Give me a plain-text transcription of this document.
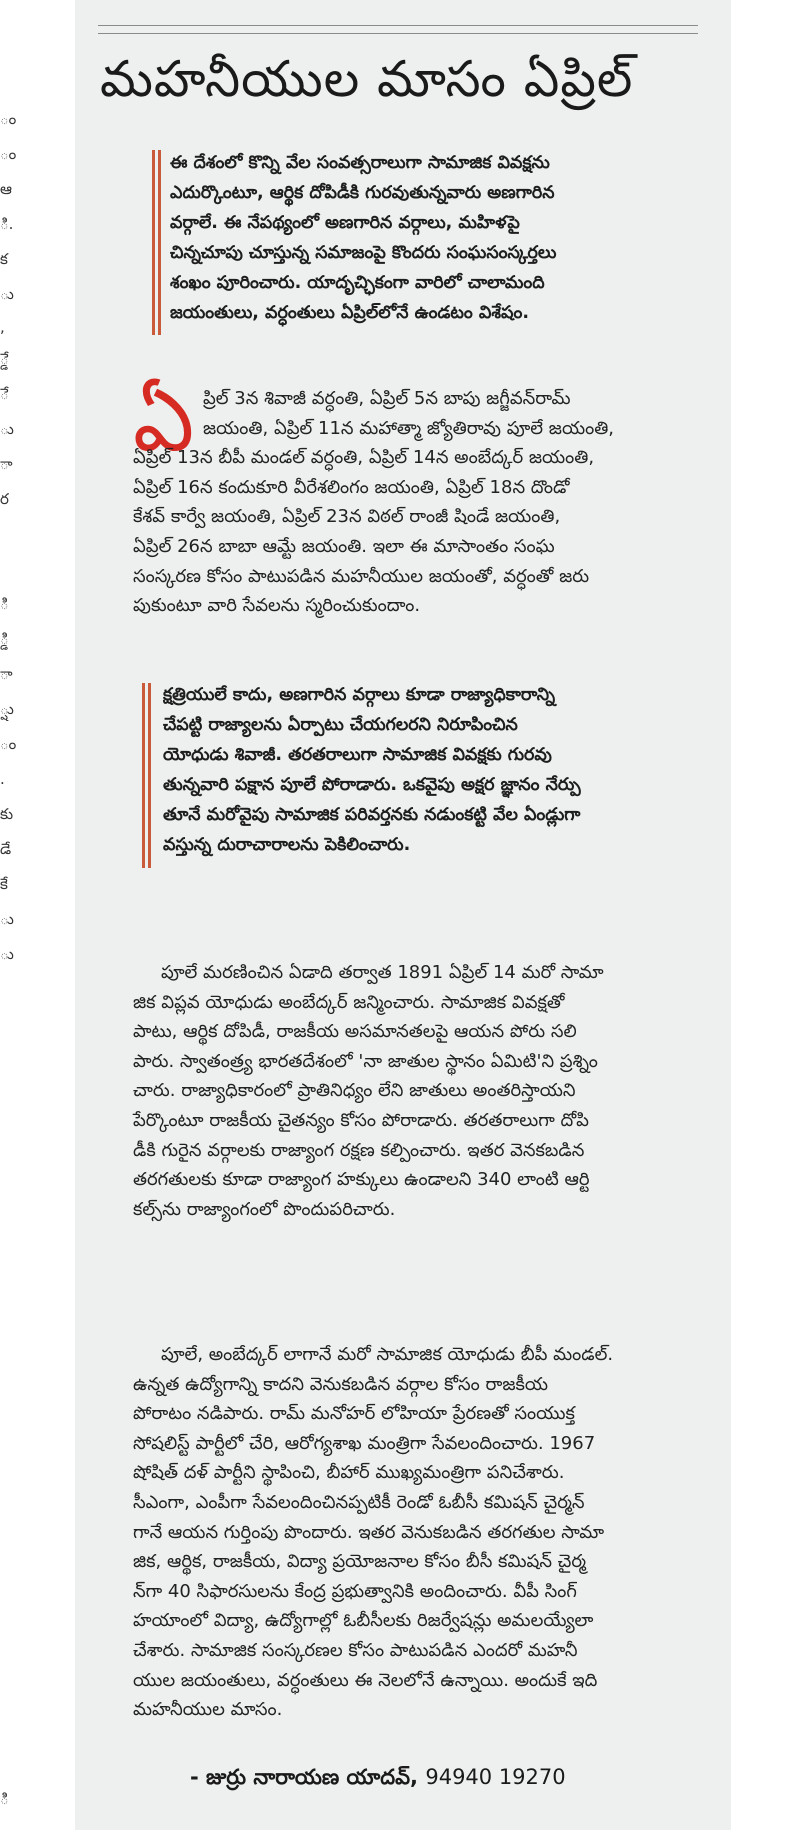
ం
ం
ఆ
ి.
క
ు
,
్డే
ే
ు
ా
ర
ి
్డి
ా
్షు
ం
.
కు
డే
కే
ు
ు
ి
మహనీయుల మాసం ఏప్రిల్

ఈ దేశంలో కొన్ని వేల సంవత్సరాలుగా సామాజిక వివక్షను

ఎదుర్కొంటూ, ఆర్థిక దోపిడీకి గురవుతున్నవారు అణగారిన

వర్గాలే. ఈ నేపథ్యంలో అణగారిన వర్గాలు, మహిళపై

చిన్నచూపు చూస్తున్న సమాజంపై కొందరు సంఘసంస్కర్తలు

శంఖం పూరించారు. యాదృచ్ఛికంగా వారిలో చాలామంది

జయంతులు, వర్ధంతులు ఏప్రిల్‌లోనే ఉండటం విశేషం.

ఏ ప్రిల్ 3న శివాజీ వర్ధంతి, ఏప్రిల్ 5న బాపు జగ్జీవన్‌రామ్

జయంతి, ఏప్రిల్ 11న మహాత్మా జ్యోతిరావు పూలే జయంతి,

ఏప్రిల్ 13న బీపీ మండల్ వర్ధంతి, ఏప్రిల్ 14న అంబేద్కర్ జయంతి,

ఏప్రిల్ 16న కందుకూరి వీరేశలింగం జయంతి, ఏప్రిల్ 18న దొండో

కేశవ్ కార్వే జయంతి, ఏప్రిల్ 23న విఠల్ రాంజీ షిండే జయంతి,

ఏప్రిల్ 26న బాబా ఆమ్టే జయంతి. ఇలా ఈ మాసాంతం సంఘ

సంస్కరణ కోసం పాటుపడిన మహనీయుల జయంతో, వర్ధంతో జరు

పుకుంటూ వారి సేవలను స్మరించుకుందాం.

క్షత్రియులే కాదు, అణగారిన వర్గాలు కూడా రాజ్యాధికారాన్ని

చేపట్టి రాజ్యాలను ఏర్పాటు చేయగలరని నిరూపించిన

యోధుడు శివాజీ. తరతరాలుగా సామాజిక వివక్షకు గురవు

తున్నవారి పక్షాన పూలే పోరాడారు. ఒకవైపు అక్షర జ్ఞానం నేర్పు

తూనే మరోవైపు సామాజిక పరివర్తనకు నడుంకట్టి వేల ఏండ్లుగా

వస్తున్న దురాచారాలను పెకిలించారు.

పూలే మరణించిన ఏడాది తర్వాత 1891 ఏప్రిల్ 14 మరో సామా

జిక విప్లవ యోధుడు అంబేద్కర్ జన్మించారు. సామాజిక వివక్షతో

పాటు, ఆర్థిక దోపిడీ, రాజకీయ అసమానతలపై ఆయన పోరు సలి

పారు. స్వాతంత్ర్య భారతదేశంలో 'నా జాతుల స్థానం ఏమిటి'ని ప్రశ్నిం

చారు. రాజ్యాధికారంలో ప్రాతినిధ్యం లేని జాతులు అంతరిస్తాయని

పేర్కొంటూ రాజకీయ చైతన్యం కోసం పోరాడారు. తరతరాలుగా దోపి

డీకి గురైన వర్గాలకు రాజ్యాంగ రక్షణ కల్పించారు. ఇతర వెనకబడిన

తరగతులకు కూడా రాజ్యాంగ హక్కులు ఉండాలని 340 లాంటి ఆర్టి

కల్స్‌ను రాజ్యాంగంలో పొందుపరిచారు.

పూలే, అంబేద్కర్ లాగానే మరో సామాజిక యోధుడు బీపీ మండల్.

ఉన్నత ఉద్యోగాన్ని కాదని వెనుకబడిన వర్గాల కోసం రాజకీయ

పోరాటం నడిపారు. రామ్ మనోహర్ లోహియా ప్రేరణతో సంయుక్త

సోషలిస్ట్ పార్టీలో చేరి, ఆరోగ్యశాఖ మంత్రిగా సేవలందించారు. 1967

షోషిత్ దళ్ పార్టీని స్థాపించి, బీహార్ ముఖ్యమంత్రిగా పనిచేశారు.

సీఎంగా, ఎంపీగా సేవలందించినప్పటికీ రెండో ఓబీసీ కమిషన్ చైర్మన్

గానే ఆయన గుర్తింపు పొందారు. ఇతర వెనుకబడిన తరగతుల సామా

జిక, ఆర్థిక, రాజకీయ, విద్యా ప్రయోజనాల కోసం బీసీ కమిషన్ చైర్మ

న్‌గా 40 సిఫారసులను కేంద్ర ప్రభుత్వానికి అందించారు. వీపీ సింగ్

హయాంలో విద్యా, ఉద్యోగాల్లో ఓబీసీలకు రిజర్వేషన్లు అమలయ్యేలా

చేశారు. సామాజిక సంస్కరణల కోసం పాటుపడిన ఎందరో మహనీ

యుల జయంతులు, వర్ధంతులు ఈ నెలలోనే ఉన్నాయి. అందుకే ఇది

మహనీయుల మాసం.

- జుర్రు నారాయణ యాదవ్, 94940 19270
